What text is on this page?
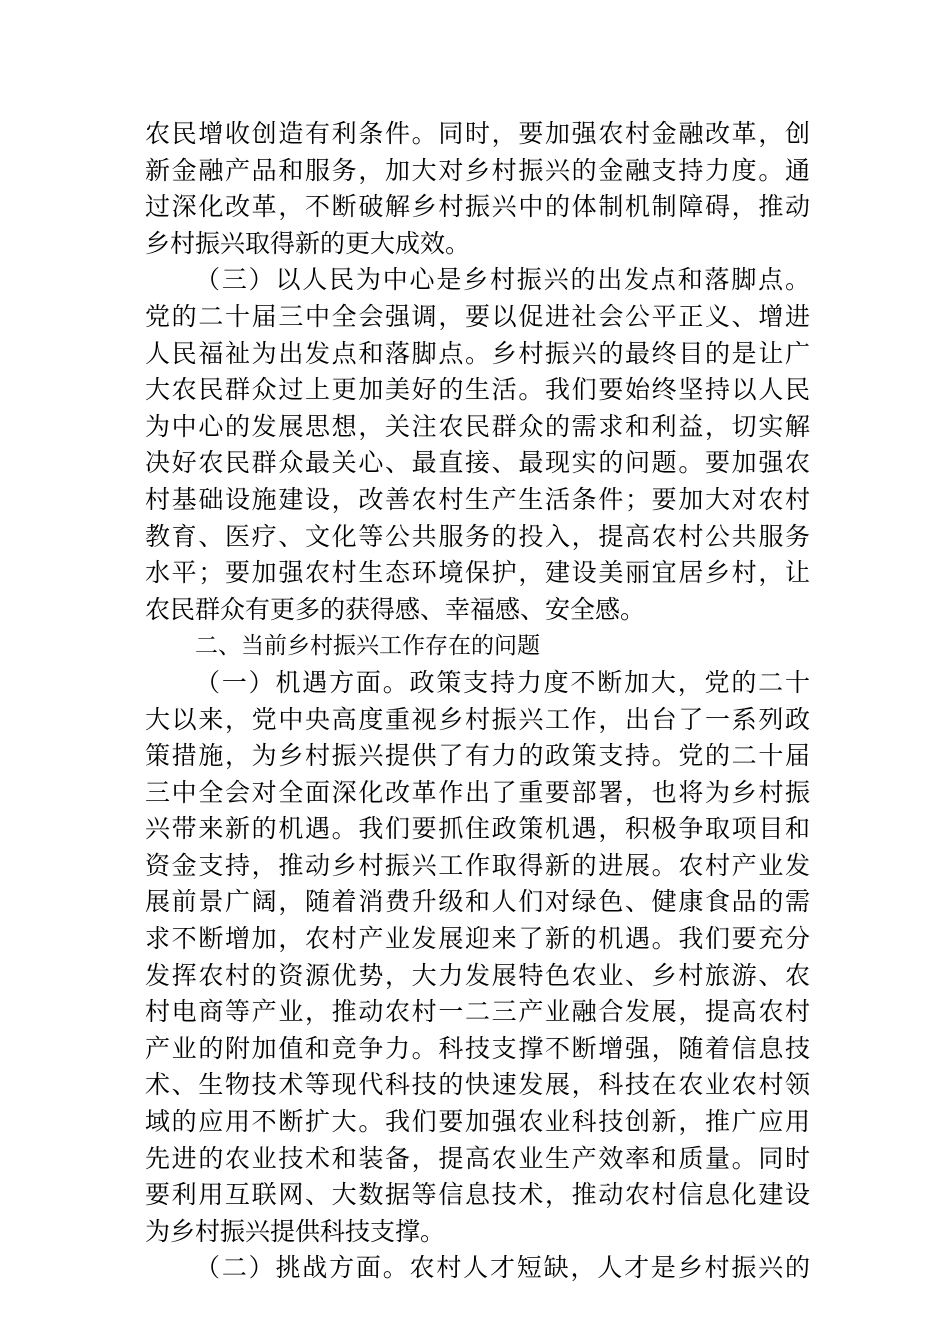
农民增收创造有利条件。同时，要加强农村金融改革，创
新金融产品和服务，加大对乡村振兴的金融支持力度。通
过深化改革，不断破解乡村振兴中的体制机制障碍，推动
乡村振兴取得新的更大成效。
（三）以人民为中心是乡村振兴的出发点和落脚点。
党的二十届三中全会强调，要以促进社会公平正义、增进
人民福祉为出发点和落脚点。乡村振兴的最终目的是让广
大农民群众过上更加美好的生活。我们要始终坚持以人民
为中心的发展思想，关注农民群众的需求和利益，切实解
决好农民群众最关心、最直接、最现实的问题。要加强农
村基础设施建设，改善农村生产生活条件；要加大对农村
教育、医疗、文化等公共服务的投入，提高农村公共服务
水平；要加强农村生态环境保护，建设美丽宜居乡村，让
农民群众有更多的获得感、幸福感、安全感。
二、当前乡村振兴工作存在的问题
（一）机遇方面。政策支持力度不断加大，党的二十
大以来，党中央高度重视乡村振兴工作，出台了一系列政
策措施，为乡村振兴提供了有力的政策支持。党的二十届
三中全会对全面深化改革作出了重要部署，也将为乡村振
兴带来新的机遇。我们要抓住政策机遇，积极争取项目和
资金支持，推动乡村振兴工作取得新的进展。农村产业发
展前景广阔，随着消费升级和人们对绿色、健康食品的需
求不断增加，农村产业发展迎来了新的机遇。我们要充分
发挥农村的资源优势，大力发展特色农业、乡村旅游、农
村电商等产业，推动农村一二三产业融合发展，提高农村
产业的附加值和竞争力。科技支撑不断增强，随着信息技
术、生物技术等现代科技的快速发展，科技在农业农村领
域的应用不断扩大。我们要加强农业科技创新，推广应用
先进的农业技术和装备，提高农业生产效率和质量。同时
要利用互联网、大数据等信息技术，推动农村信息化建设
为乡村振兴提供科技支撑。
（二）挑战方面。农村人才短缺，人才是乡村振兴的
